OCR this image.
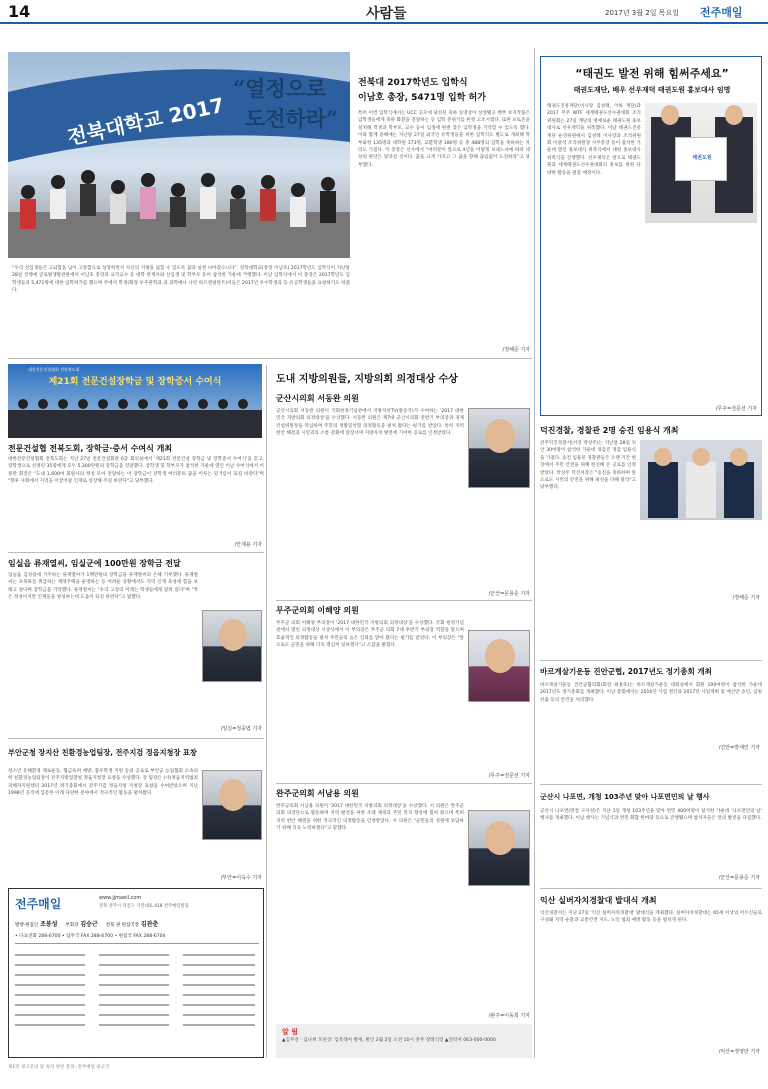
14	사람들	2017년 3월 2일 목요일 전주매일
전북대학교 2017
“열정으로
도전하라”
전북대 2017학년도 입학식
이남호 총장, 5471명 입학 허가
특히 이번 입학식에서는 UCC 공모에 당선된 축하 동영상이 상영됐고 밴부 보지작품은 입학생들에게 축하 화환을 전달하는 등 입학 분위기를 한껏 고조시켰다. 또한 포토존을 설치해 학생과 학부모, 교수 등이 입생에 한번 찾은 입학생을 기억할 수 있도록 했다. 이와 함께 올해에는 지난달 27일 외국인 유학생들을 위한 입학식도 별도로 개최해 학부와정 135명과 대학원 173명, 교환학생 180명 등 총 488명의 입학을 축하하는 자리도 가졌다. 이 총장은 신사에서 “여러분이 앞으로 4년을 어떻게 보내느냐에 따라 세상의 판단은 달라질 것이다. 꿈을 크게 가지고 그 꿈을 향해 끊임없이 도전하라”고 당부했다.
“우리 신입생들은 고뇌함을 넘어 고통함으로 성장하면서 자신의 지평을 넓힐 수 있도록 꿈과 실천 나아갔으니다”. 전북대학교(총장 이남호) 2017학년도 입학식이 지난달 28일 진행에 글로벌생활관관에서 이남호 총장과 교직교수 등 대학 관계자와 신입생 및 학부모 등이 참석한 가운데 거행했다. 이날 입학식에서 이 총장은 2017학년도 입학생들과 5,471명에 대한 입학허가를 했으며 주에서 학생(화장 우주관학과 과 과학예나 나빈 바르앤필란트)이들은 2017년 우수학생과 등 유공학생들을 표창하기도 하였다.
/정해준 기자
대한전문건설협회 전라북도회
제21회 전문건설장학금 및 장학증서 수여식
전문건설협 전북도회, 장학금·증서 수여식 개최
대한전문건설협회 전북도회는 지난 27일 전문건설회관 6층 회의실에서 '제21회 전문건설 장학금 및 장학증서 수여식'을 갖고, 장학생으로 선정된 35명에게 모두 5,300만원의 장학금을 전달했다. 장학생 및 학부모가 참석한 가운데 열린 이날 수여식에서 이종만 회장은 "도내 1,600여 회원사의 정성 모아 전달하는 이 장학금이 장학생 여러분의 꿈을 이루는 밑거름이 되길 바란다"며 "향후 사회에서 지역을 이끌어갈 인재로 성장해 주길 바란다"고 당부했다.
/안재용 기자
임실읍 류재열씨, 임실군에 100만원 장학금 전달
임실읍 김성길에 거주하는 류재열씨가 1백만원의 장학금을 류재열씨의 은혜 기부했다. 류재열 씨는 포목류를 취급하는 재래주택을 운영하는 등 어려운 상황에서도 지역 인재 육성에 힘을 보태고 싶다며 장학금을 기탁했다. 류재열씨는 "우리 고장의 미래는 학생들에게 달려 있다"며 "작은 정성이지만 인재들을 양성하는데 도움이 되길 바란다"고 말했다.
/임실=정종엽 기자
부안군청 장지산 친환경농업팀장, 전주지검 정읍지청장 표창
청소년 유해환경 제로운동, 협금독려 예방, 불우학생 지원 등의 공로로 부안군 농업협회 소속의 한 친환경농업팀장이 전주지방검찰청 정읍지청장 표창을 수상했다. 장 팀장은 (사)정읍지역범죄피해자지원센터 2017년 정기총회에서 전주지검 정읍지청 지청장 표창을 수여받았으며 지난 1998년 공직에 입문한 이래 다양한 분야에서 적극적인 활동을 펼쳐왔다.
/부안=이옥수 기자
전주매일	www.jjmaeil.com
전북 전주시 덕진구 기린대로 418 전주매일빌딩
발행·편집인 조봉성 부회장 김승근 전북 권 편집국장 김관춘
• 다표전화 288-6700 • 업무국 FAX 288-6700 • 편집국 FAX 288-6704
도내 지방의원들, 지방의회 의정대상 수상
군산시의회 서동완 의원
군산시의회 서동완 의원이 국회헌정기념관에서 지방자치TV(방송국)가 수여하는 '2017 대한민국 지방의회 의정대상'을 수상했다. 서동완 의원은 제7대 군산시의회 전반기 부의장과 경제건설위원장을 역임하며 주민의 생활밀착형 의정활동을 펼쳐 왔다는 평가를 받았다. 특히 지역 현안 해결과 시민과의 소통 강화에 앞장서며 지방자치 발전에 기여한 공로를 인정받았다.
/군산=문용준 기자
무주군의회 이해양 의원
무주군 의회 이해양 부의장이 '2017 대한민국 지방의회 의정대상'을 수상했다. 국회 헌정기념관에서 열린 의정대상 시상식에서 이 부의장은 무주군 의회 7대 후반기 부의장 역할을 맡으며 효율적인 의정활동을 펼쳐 주민들의 높은 신뢰를 받아 왔다는 평가를 받았다. 이 부의장은 "앞으로도 군민을 위해 더욱 열심히 일하겠다"고 소감을 밝혔다.
/무주=전문선 기자
완주군의회 서남용 의원
완주군의회 서남용 의원이 '2017 대한민국 지방의회 의정대상'을 수상했다. 서 의원은 완주군의회 의장단으로 활동하며 지역 발전을 위한 조례 제정과 주민 복지 향상에 힘써 왔으며 특히 지역 현안 해결을 위한 적극적인 의정활동을 인정받았다. 서 의원은 "군민들의 성원에 보답하기 위해 더욱 노력하겠다"고 말했다.
/완주=이동희 기자
알 림
▲김무진 · 김나희 모친상: 임옥례씨 별세, 발인 3월 2일 오전 10시 전주 장례식장 ▲연락처 063-000-0000
제1면 광고문의 및 독자 관련 문의: 전주매일 광고국
“태권도 발전 위해 힘써주세요”
태권도재단, 배우 선우재덕 태권도원 홍보대사 임명
태권도진흥재단(이사장 김성태, 이하 재단)과 2017 무주 WTF 세계태권도선수권대회 조직위원회는 27일 재단의 명예로운 태권도원 홍보대사로 선우재덕을 위촉했다. 이날 태권도진흥재단 운영위원에서 김성태 이사장과 조직위원회 이종석 조직위원장 사무총장 등이 참석한 가운데 열린 홍보대사 위촉식에서 대한 홍보대사 위촉식을 진행했다. 선우재덕은 앞으로 태권도원과 세계태권도선수권대회의 홍보를 위한 다양한 활동을 펼칠 예정이다.
태권도원
/무주=전문선 기자
덕진경찰, 경찰관 2명 승진 임용식 개최
전주덕진경찰서(서장 박상주)는 지난달 28일 치안 30여명이 참석한 가운데 경감진 경감 임용식을 가졌다. 승진 임용된 경찰관들은 오랜 기간 현장에서 주민 안전을 위해 헌신해 온 공로를 인정받았다. 박상주 덕진서장은 "승진을 축하하며 앞으로도 시민의 안전을 위해 최선을 다해 달라"고 당부했다.
/정해준 기자
바르게살기운동 진안군협, 2017년도 정기총회 개최
바르게살기운동 진안군협의회(회장 최홍호)는 바르게살기운동 대회실에서 회원 100여명이 참석한 가운데 2017년도 정기총회를 개최했다. 이날 총회에서는 2016년 사업 결산과 2017년 사업계획 및 예산안 승인, 임원 선출 등의 안건을 처리했다.
/진안=박태인 기자
군산시 나포면, 개청 103주년 맞아 나포면민의 날 행사
군산시 나포면(면장 구자성)은 지난 1일 개청 103주년을 맞아 면민 400여명이 참석한 가운데 '나포면민의 날' 행사를 개최했다. 이날 행사는 기념식과 면민 화합 한마당 등으로 진행됐으며 참석자들은 면의 발전을 다짐했다.
/군산=문용준 기자
익산 실버자치경찰대 발대식 개최
익산경찰서는 지난 27일 '익산 실버자치경찰대' 발대식을 개최했다. 실버자치경찰대는 65세 이상의 어르신들로 구성돼 지역 순찰과 교통안전 지도, 노인 범죄 예방 활동 등을 펼치게 된다.
/익산=정영만 기자
